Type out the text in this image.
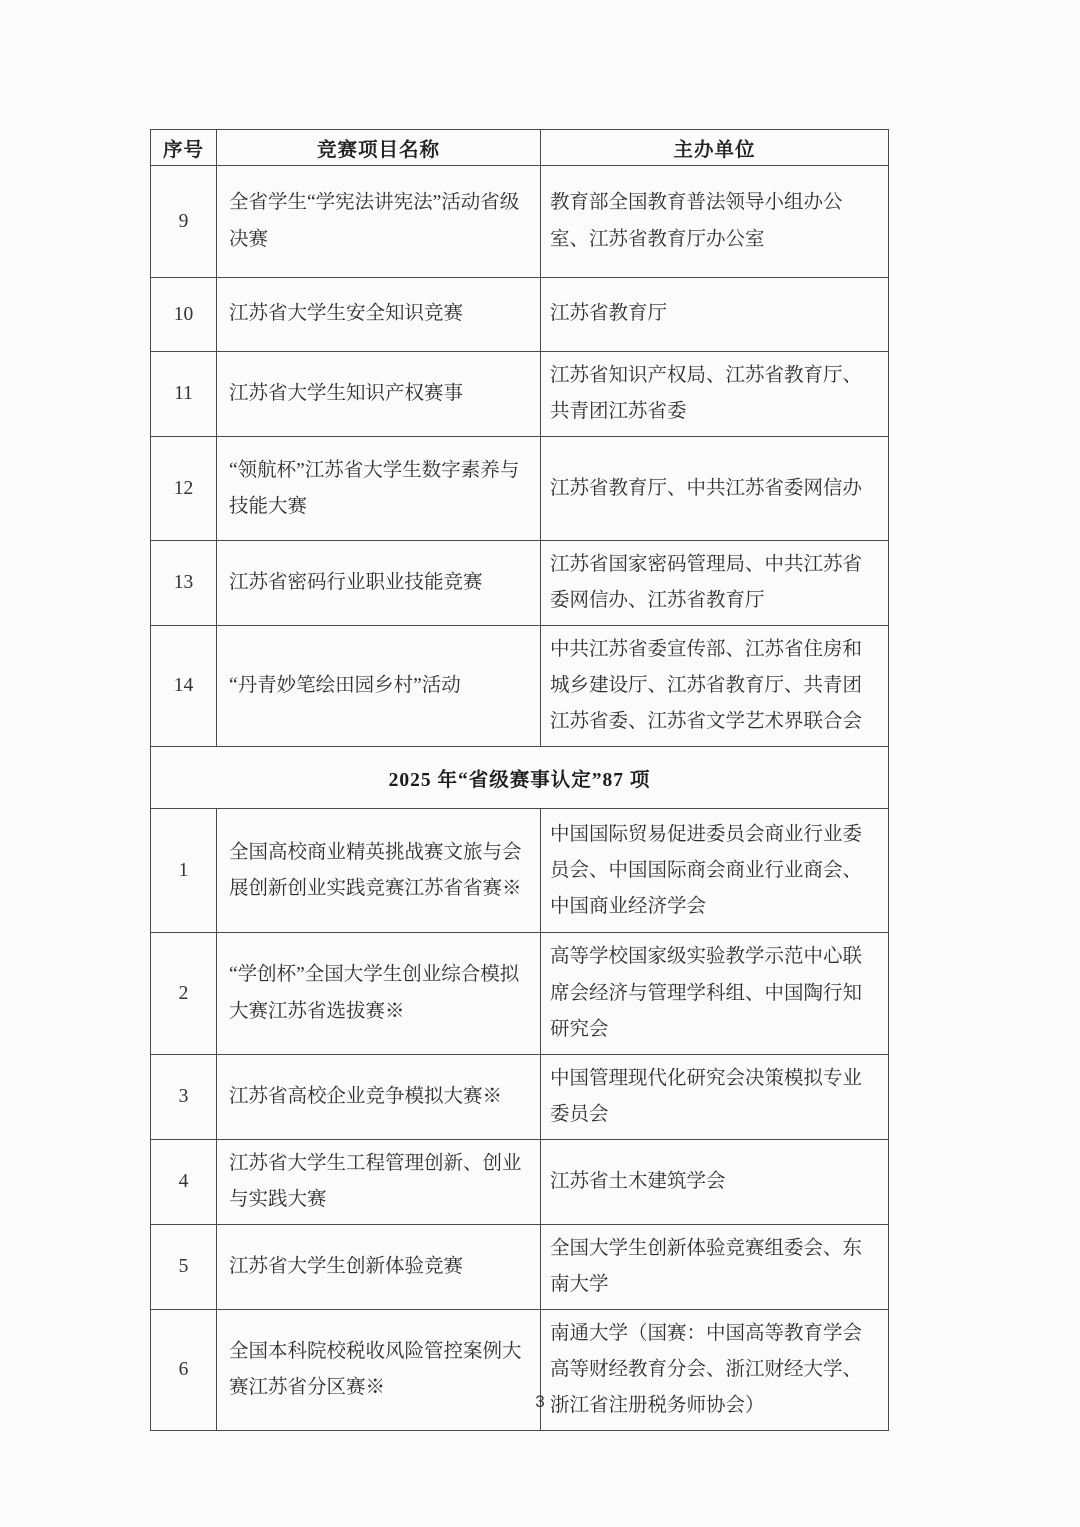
序号	竞赛项目名称	主办单位
9	全省学生“学宪法讲宪法”活动省级决赛	教育部全国教育普法领导小组办公室、江苏省教育厅办公室
10	江苏省大学生安全知识竞赛	江苏省教育厅
11	江苏省大学生知识产权赛事	江苏省知识产权局、江苏省教育厅、共青团江苏省委
12	“领航杯”江苏省大学生数字素养与技能大赛	江苏省教育厅、中共江苏省委网信办
13	江苏省密码行业职业技能竞赛	江苏省国家密码管理局、中共江苏省委网信办、江苏省教育厅
14	“丹青妙笔绘田园乡村”活动	中共江苏省委宣传部、江苏省住房和城乡建设厅、江苏省教育厅、共青团江苏省委、江苏省文学艺术界联合会
2025 年“省级赛事认定”87 项		
1	全国高校商业精英挑战赛文旅与会展创新创业实践竞赛江苏省省赛※	中国国际贸易促进委员会商业行业委员会、中国国际商会商业行业商会、中国商业经济学会
2	“学创杯”全国大学生创业综合模拟大赛江苏省选拔赛※	高等学校国家级实验教学示范中心联席会经济与管理学科组、中国陶行知研究会
3	江苏省高校企业竞争模拟大赛※	中国管理现代化研究会决策模拟专业委员会
4	江苏省大学生工程管理创新、创业与实践大赛	江苏省土木建筑学会
5	江苏省大学生创新体验竞赛	全国大学生创新体验竞赛组委会、东南大学
6	全国本科院校税收风险管控案例大赛江苏省分区赛※	南通大学（国赛：中国高等教育学会高等财经教育分会、浙江财经大学、浙江省注册税务师协会）
3
